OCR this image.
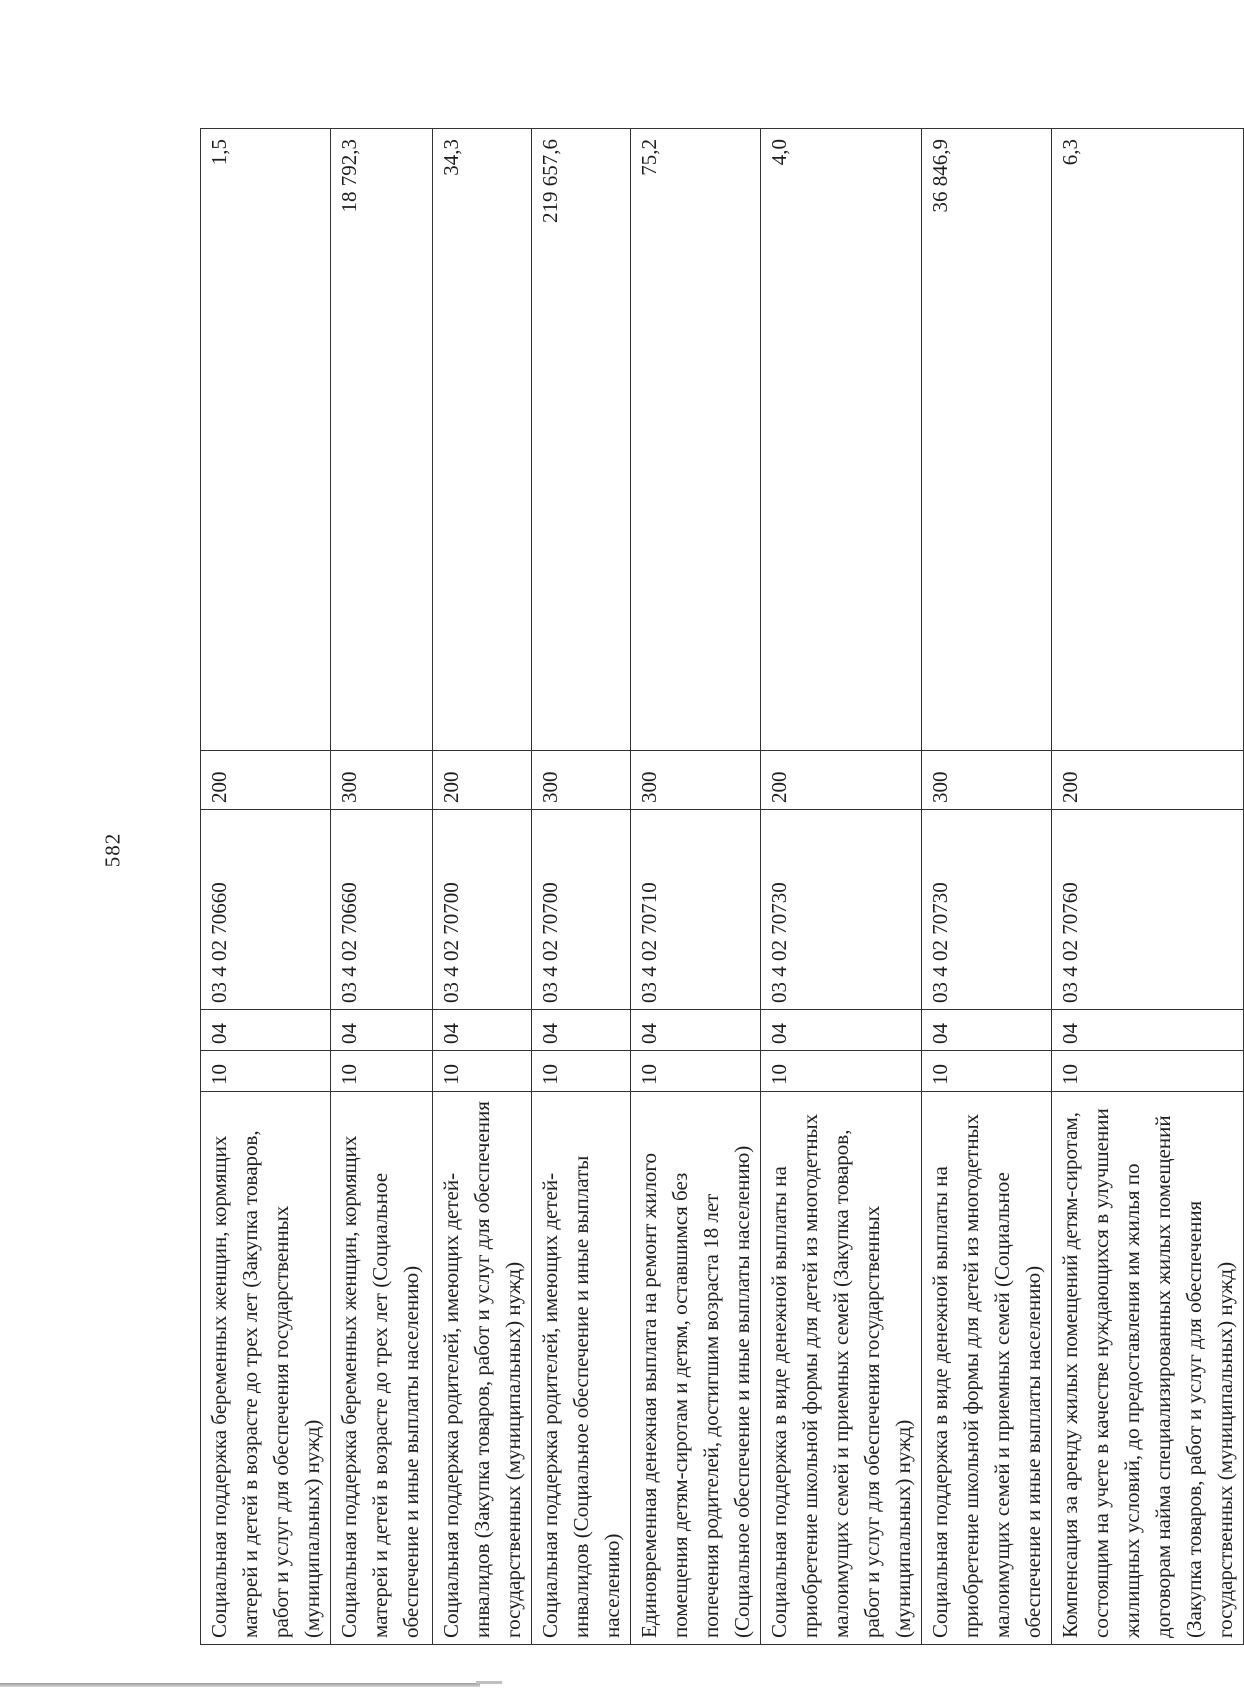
582
Социальная поддержка беременных женщин, кормящих матерей и детей в возрасте до трех лет (Закупка товаров, работ и услуг для обеспечения государственных (муниципальных) нужд)	10	04	03 4 02 70660	200	1,5
Социальная поддержка беременных женщин, кормящих матерей и детей в возрасте до трех лет (Социальное обеспечение и иные выплаты населению)	10	04	03 4 02 70660	300	18 792,3
Социальная поддержка родителей, имеющих детей-инвалидов (Закупка товаров, работ и услуг для обеспечения государственных (муниципальных) нужд)	10	04	03 4 02 70700	200	34,3
Социальная поддержка родителей, имеющих детей-инвалидов (Социальное обеспечение и иные выплаты населению)	10	04	03 4 02 70700	300	219 657,6
Единовременная денежная выплата на ремонт жилого помещения детям-сиротам и детям, оставшимся без попечения родителей, достигшим возраста 18 лет (Социальное обеспечение и иные выплаты населению)	10	04	03 4 02 70710	300	75,2
Социальная поддержка в виде денежной выплаты на приобретение школьной формы для детей из многодетных малоимущих семей и приемных семей (Закупка товаров, работ и услуг для обеспечения государственных (муниципальных) нужд)	10	04	03 4 02 70730	200	4,0
Социальная поддержка в виде денежной выплаты на приобретение школьной формы для детей из многодетных малоимущих семей и приемных семей (Социальное обеспечение и иные выплаты населению)	10	04	03 4 02 70730	300	36 846,9
Компенсация за аренду жилых помещений детям-сиротам, состоящим на учете в качестве нуждающихся в улучшении жилищных условий, до предоставления им жилья по договорам найма специализированных жилых помещений (Закупка товаров, работ и услуг для обеспечения государственных (муниципальных) нужд)	10	04	03 4 02 70760	200	6,3
